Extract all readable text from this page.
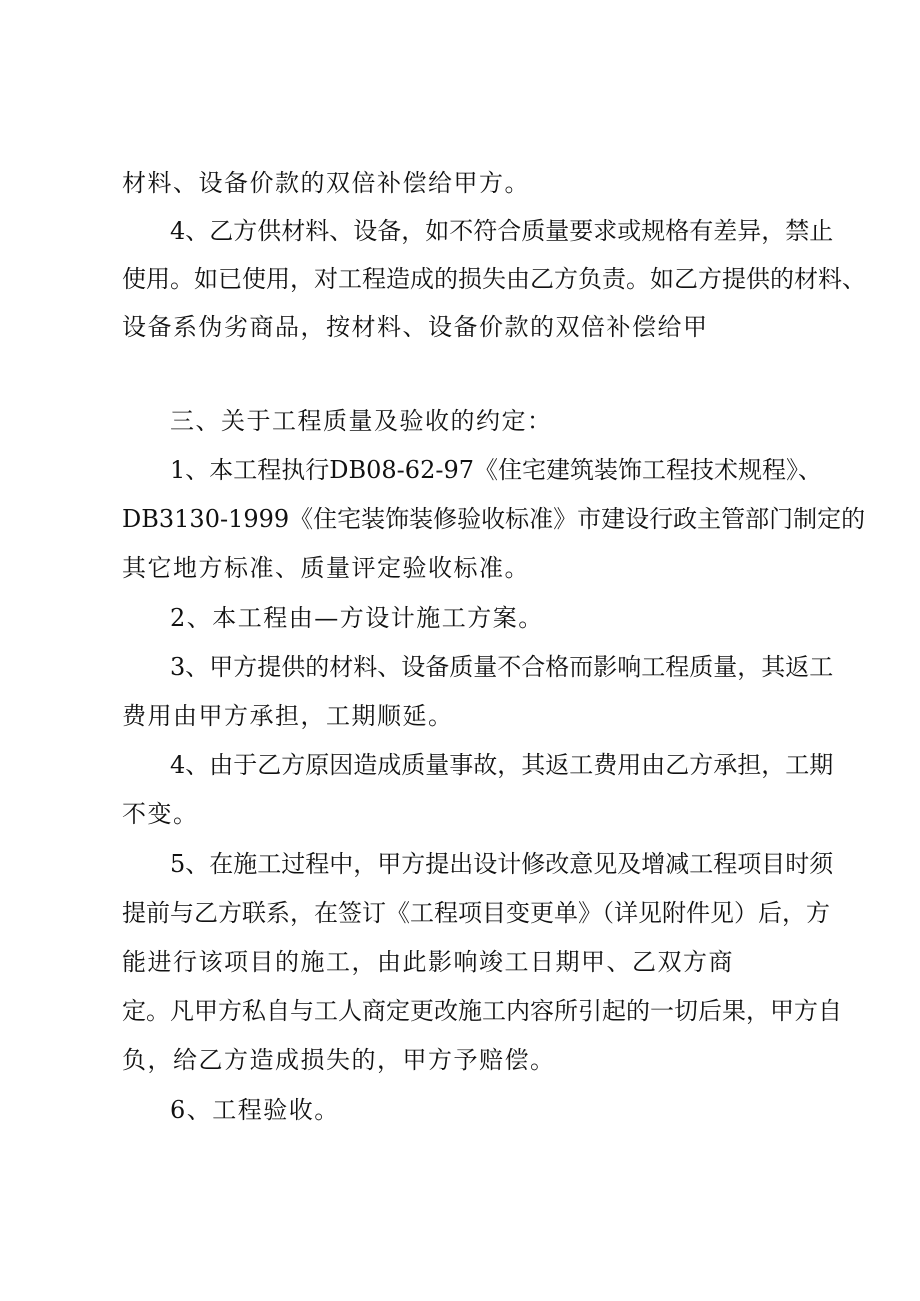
材料、设备价款的双倍补偿给甲方。
4、乙方供材料、设备，如不符合质量要求或规格有差异，禁止
使用。如已使用，对工程造成的损失由乙方负责。如乙方提供的材料、
设备系伪劣商品，按材料、设备价款的双倍补偿给甲
三、关于工程质量及验收的约定：
1、本工程执行DB08-62-97《住宅建筑装饰工程技术规程》、
DB3130-1999《住宅装饰装修验收标准》市建设行政主管部门制定的
其它地方标准、质量评定验收标准。
2、本工程由—方设计施工方案。
3、甲方提供的材料、设备质量不合格而影响工程质量，其返工
费用由甲方承担，工期顺延。
4、由于乙方原因造成质量事故，其返工费用由乙方承担，工期
不变。
5、在施工过程中，甲方提出设计修改意见及增减工程项目时须
提前与乙方联系，在签订《工程项目变更单》（详见附件见）后，方
能进行该项目的施工，由此影响竣工日期甲、乙双方商
定。凡甲方私自与工人商定更改施工内容所引起的一切后果，甲方自
负，给乙方造成损失的，甲方予赔偿。
6、工程验收。
